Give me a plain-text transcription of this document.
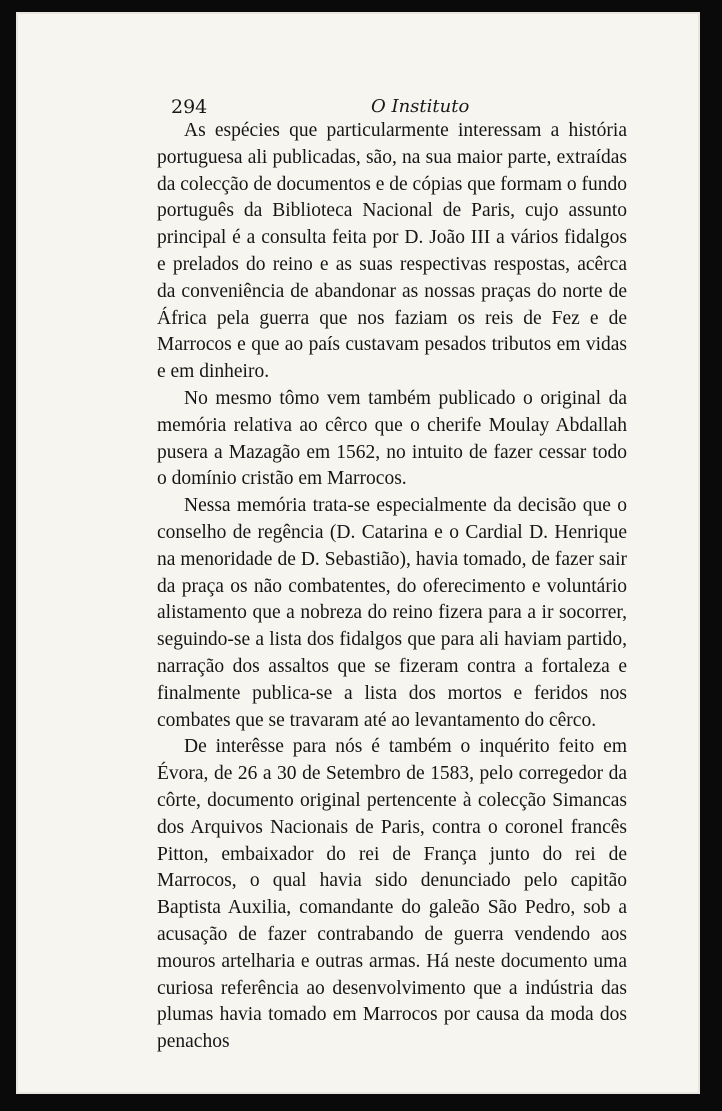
294	O Instituto

As espécies que particularmente interessam a história portuguesa ali publicadas, são, na sua maior parte, extraídas da colecção de documentos e de cópias que formam o fundo português da Biblioteca Nacional de Paris, cujo assunto principal é a consulta feita por D. João III a vários fidalgos e prelados do reino e as suas respectivas respostas, acêrca da conveniência de abandonar as nossas praças do norte de África pela guerra que nos faziam os reis de Fez e de Marrocos e que ao país custavam pesados tributos em vidas e em dinheiro.

No mesmo tômo vem também publicado o original da memória relativa ao cêrco que o cherife Moulay Abdallah pusera a Mazagão em 1562, no intuito de fazer cessar todo o domínio cristão em Marrocos.

Nessa memória trata-se especialmente da decisão que o conselho de regência (D. Catarina e o Cardial D. Henrique na menoridade de D. Sebastião), havia tomado, de fazer sair da praça os não combatentes, do oferecimento e voluntário alistamento que a nobreza do reino fizera para a ir socorrer, seguindo-se a lista dos fidalgos que para ali haviam partido, narração dos assaltos que se fizeram contra a fortaleza e finalmente publica-se a lista dos mortos e feridos nos combates que se travaram até ao levantamento do cêrco.

De interêsse para nós é também o inquérito feito em Évora, de 26 a 30 de Setembro de 1583, pelo corregedor da côrte, documento original pertencente à colecção Simancas dos Arquivos Nacionais de Paris, contra o coronel francês Pitton, embaixador do rei de França junto do rei de Marrocos, o qual havia sido denunciado pelo capitão Baptista Auxilia, comandante do galeão São Pedro, sob a acusação de fazer contrabando de guerra vendendo aos mouros artelharia e outras armas. Há neste documento uma curiosa referência ao desenvolvimento que a indústria das plumas havia tomado em Marrocos por causa da moda dos penachos
